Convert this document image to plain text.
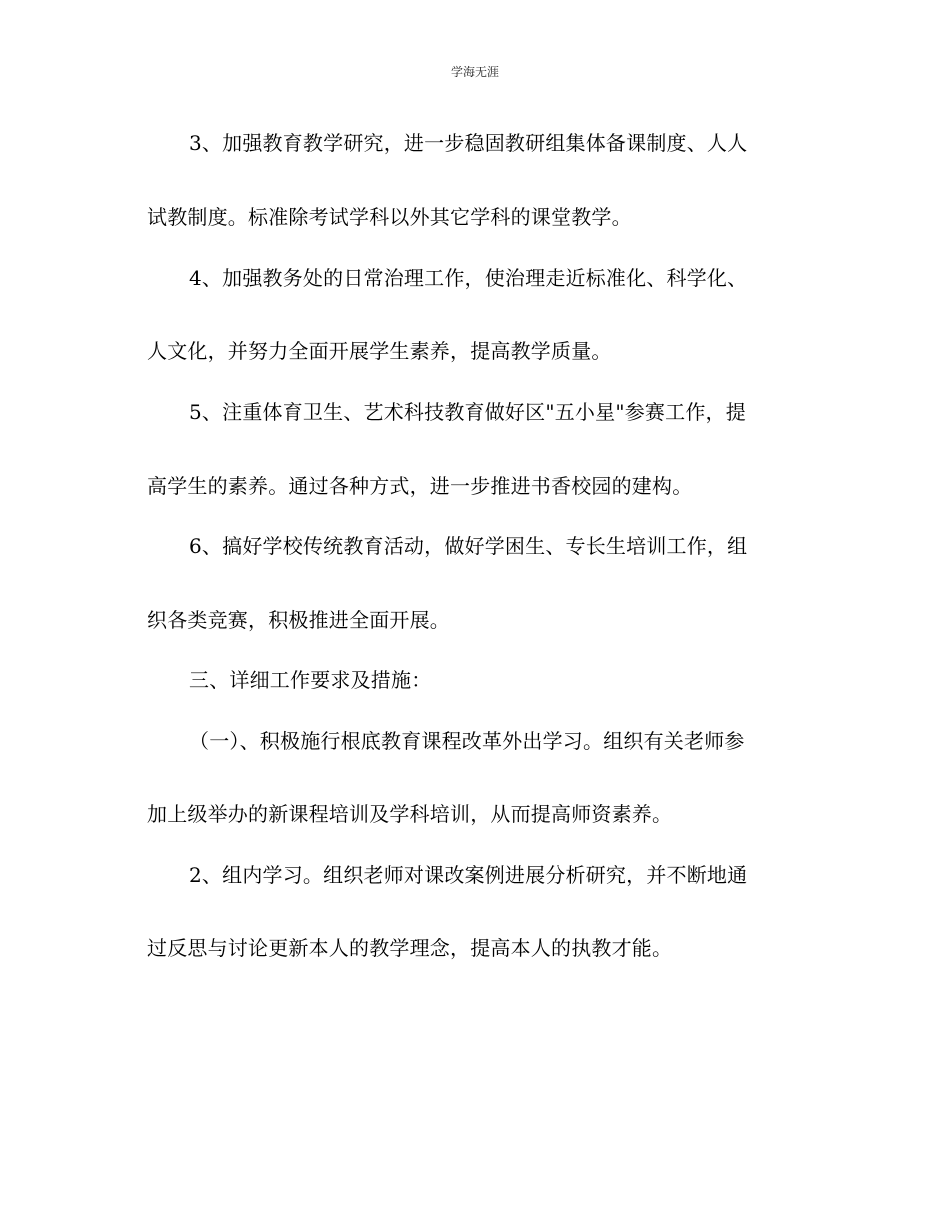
学海无涯
3、加强教育教学研究，进一步稳固教研组集体备课制度、人人
试教制度。标准除考试学科以外其它学科的课堂教学。
4、加强教务处的日常治理工作，使治理走近标准化、科学化、
人文化，并努力全面开展学生素养，提高教学质量。
5、注重体育卫生、艺术科技教育做好区"五小星"参赛工作，提
高学生的素养。通过各种方式，进一步推进书香校园的建构。
6、搞好学校传统教育活动，做好学困生、专长生培训工作，组
织各类竞赛，积极推进全面开展。
三、详细工作要求及措施：
（一）、积极施行根底教育课程改革外出学习。组织有关老师参
加上级举办的新课程培训及学科培训，从而提高师资素养。
2、组内学习。组织老师对课改案例进展分析研究，并不断地通
过反思与讨论更新本人的教学理念，提高本人的执教才能。
